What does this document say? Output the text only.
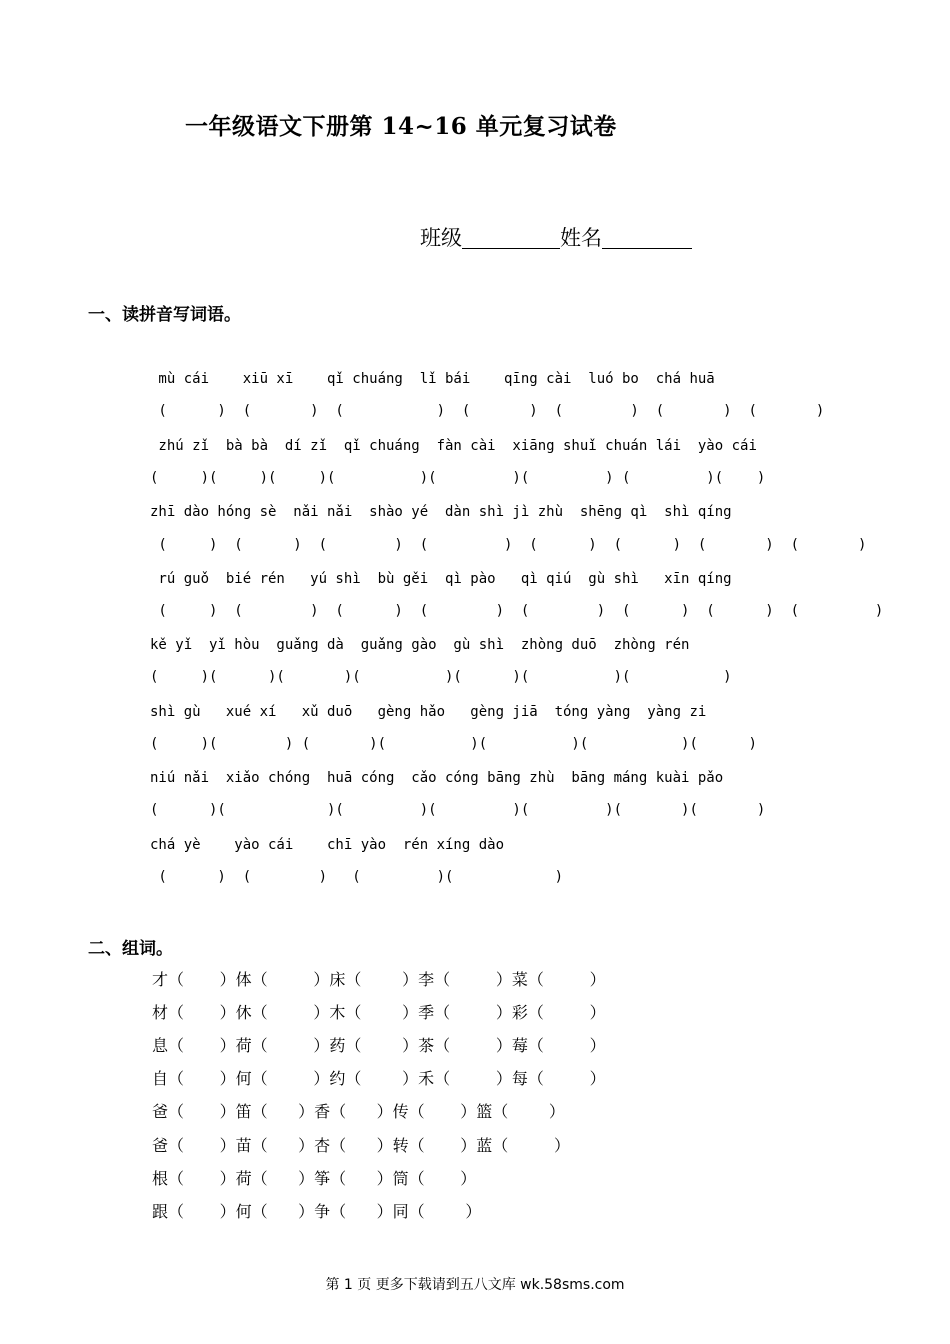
一年级语文下册第 14~16 单元复习试卷
班级	姓名
一、读拼音写词语。
mù cái    xiū xī    qǐ chuáng  lǐ bái    qīng cài  luó bo  chá huā
(      )  (       )  (           )  (       )  (        )  (       )  (       )
zhú zǐ  bà bà  dí zǐ  qǐ chuáng  fàn cài  xiāng shuǐ chuán lái  yào cái
(     )(     )(     )(          )(         )(         ) (         )(    )
zhī dào hóng sè  nǎi nǎi  shào yé  dàn shì jì zhù  shēng qì  shì qíng
(     )  (      )  (        )  (         )  (      )  (      )  (       )  (       )
rú guǒ  bié rén   yú shì  bù gěi  qì pào   qì qiú  gù shì   xīn qíng
(     )  (        )  (      )  (        )  (        )  (      )  (      )  (         )
kě yǐ  yǐ hòu  guǎng dà  guǎng gào  gù shì  zhòng duō  zhòng rén
(     )(      )(       )(          )(      )(          )(           )
shì gù   xué xí   xǔ duō   gèng hǎo   gèng jiā  tóng yàng  yàng zi
(     )(        ) (       )(          )(          )(           )(      )
niú nǎi  xiǎo chóng  huā cóng  cǎo cóng bāng zhù  bāng máng kuài pǎo
(      )(            )(         )(         )(         )(       )(       )
chá yè    yào cái    chī yào  rén xíng dào
(      )  (        )   (         )(            )
二、组词。
才（       ）体（         ）床（        ）李（         ）菜（         ）
材（       ）休（         ）木（        ）季（         ）彩（         ）
息（       ）荷（         ）药（        ）茶（         ）莓（         ）
自（       ）何（         ）约（        ）禾（         ）每（         ）
爸（       ）笛（      ）香（      ）传（       ）篮（        ）
爸（       ）苗（      ）杏（      ）转（       ）蓝（         ）
根（       ）荷（      ）筝（      ）筒（       ）
跟（       ）何（      ）争（      ）同（        ）
第 1 页 更多下载请到五八文库 wk.58sms.com
